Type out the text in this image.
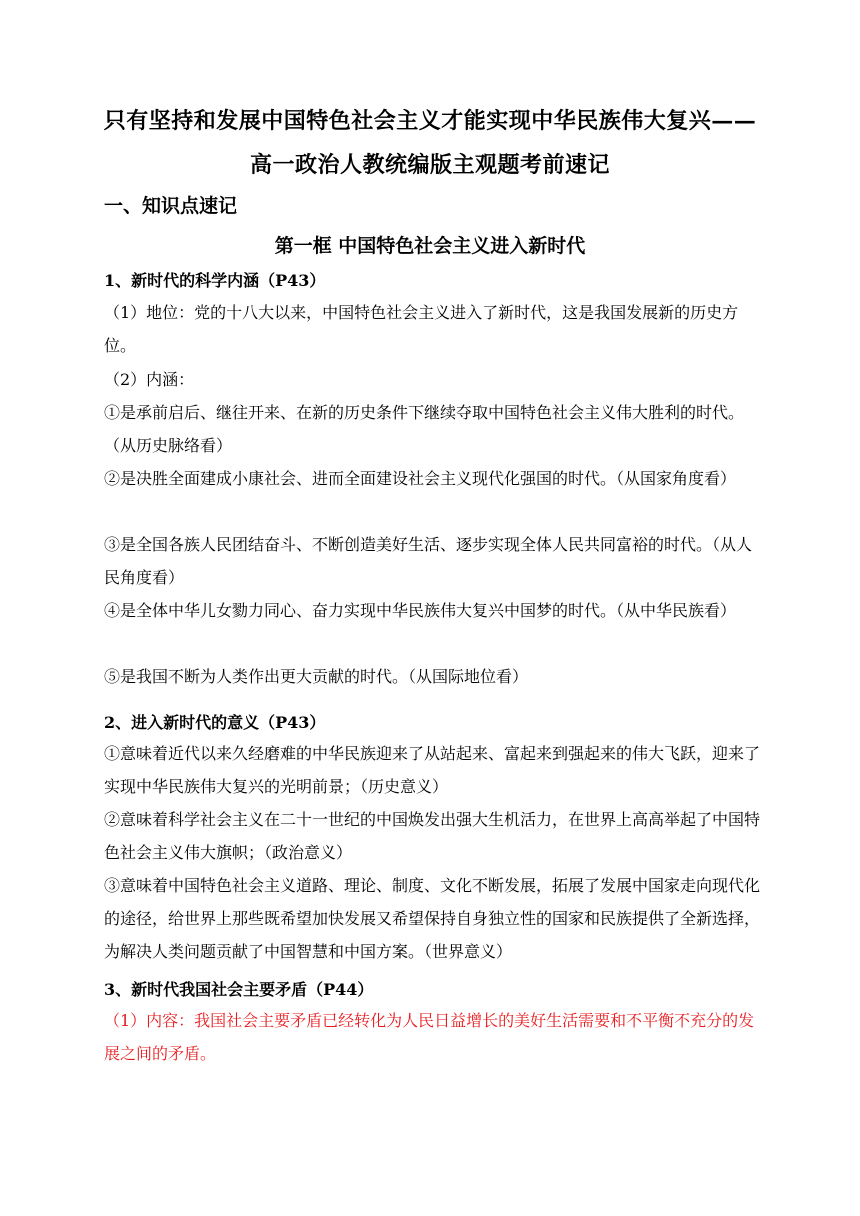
只有坚持和发展中国特色社会主义才能实现中华民族伟大复兴——
高一政治人教统编版主观题考前速记
一、知识点速记
第一框 中国特色社会主义进入新时代
1、新时代的科学内涵（P43）
（1）地位：党的十八大以来，中国特色社会主义进入了新时代，这是我国发展新的历史方位。
（2）内涵：
①是承前启后、继往开来、在新的历史条件下继续夺取中国特色社会主义伟大胜利的时代。（从历史脉络看）
②是决胜全面建成小康社会、进而全面建设社会主义现代化强国的时代。（从国家角度看）
③是全国各族人民团结奋斗、不断创造美好生活、逐步实现全体人民共同富裕的时代。（从人民角度看）
④是全体中华儿女勠力同心、奋力实现中华民族伟大复兴中国梦的时代。（从中华民族看）
⑤是我国不断为人类作出更大贡献的时代。（从国际地位看）
2、进入新时代的意义（P43）
①意味着近代以来久经磨难的中华民族迎来了从站起来、富起来到强起来的伟大飞跃，迎来了实现中华民族伟大复兴的光明前景；（历史意义）
②意味着科学社会主义在二十一世纪的中国焕发出强大生机活力，在世界上高高举起了中国特色社会主义伟大旗帜；（政治意义）
③意味着中国特色社会主义道路、理论、制度、文化不断发展，拓展了发展中国家走向现代化的途径，给世界上那些既希望加快发展又希望保持自身独立性的国家和民族提供了全新选择，为解决人类问题贡献了中国智慧和中国方案。（世界意义）
3、新时代我国社会主要矛盾（P44）
（1）内容：我国社会主要矛盾已经转化为人民日益增长的美好生活需要和不平衡不充分的发展之间的矛盾。
